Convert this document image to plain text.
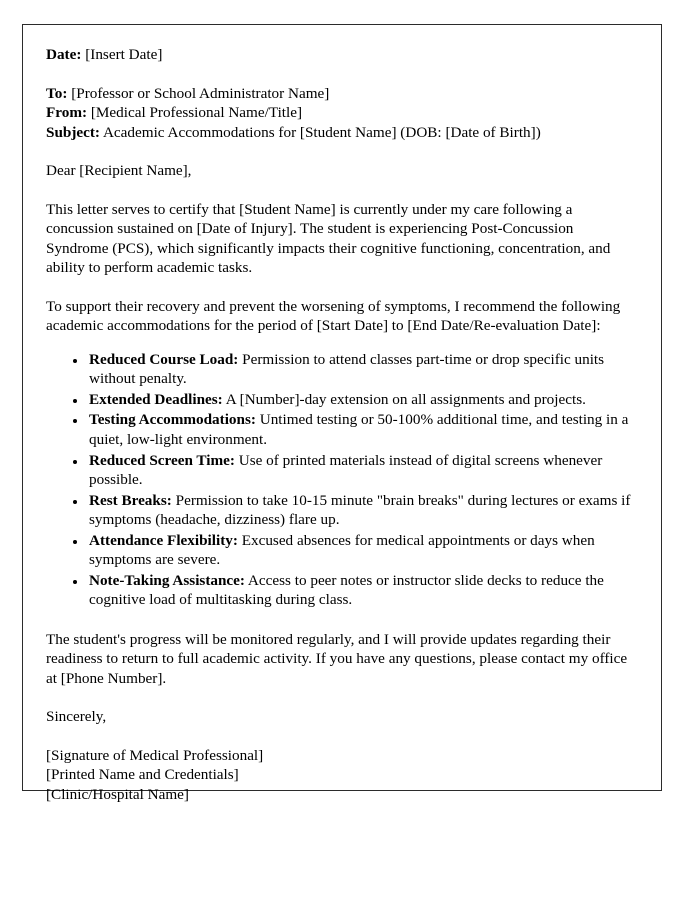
Date: [Insert Date]
To: [Professor or School Administrator Name]
From: [Medical Professional Name/Title]
Subject: Academic Accommodations for [Student Name] (DOB: [Date of Birth])
Dear [Recipient Name],

This letter serves to certify that [Student Name] is currently under my care following a concussion sustained on [Date of Injury]. The student is experiencing Post-Concussion Syndrome (PCS), which significantly impacts their cognitive functioning, concentration, and ability to perform academic tasks.

To support their recovery and prevent the worsening of symptoms, I recommend the following academic accommodations for the period of [Start Date] to [End Date/Re-evaluation Date]:

• Reduced Course Load: Permission to attend classes part-time or drop specific units without penalty.
• Extended Deadlines: A [Number]-day extension on all assignments and projects.
• Testing Accommodations: Untimed testing or 50-100% additional time, and testing in a quiet, low-light environment.
• Reduced Screen Time: Use of printed materials instead of digital screens whenever possible.
• Rest Breaks: Permission to take 10-15 minute "brain breaks" during lectures or exams if symptoms (headache, dizziness) flare up.
• Attendance Flexibility: Excused absences for medical appointments or days when symptoms are severe.
• Note-Taking Assistance: Access to peer notes or instructor slide decks to reduce the cognitive load of multitasking during class.

The student's progress will be monitored regularly, and I will provide updates regarding their readiness to return to full academic activity. If you have any questions, please contact my office at [Phone Number].

Sincerely,
[Signature of Medical Professional]
[Printed Name and Credentials]
[Clinic/Hospital Name]
